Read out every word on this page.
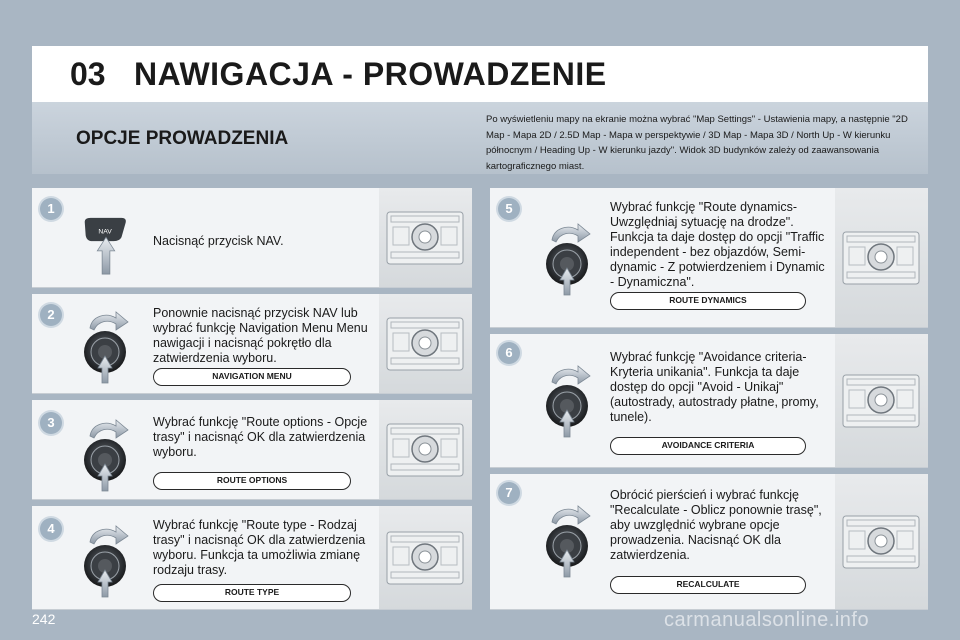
03 NAWIGACJA - PROWADZENIE
OPCJE PROWADZENIA
Po wyświetleniu mapy na ekranie można wybrać "Map Settings" - Ustawienia mapy, a następnie "2D Map - Mapa 2D / 2.5D Map - Mapa w perspektywie / 3D Map - Mapa 3D / North Up - W kierunku północnym / Heading Up - W kierunku jazdy". Widok 3D budynków zależy od zaawansowania kartograficznego miast.
1
NAV
Nacisnąć przycisk NAV.
2	Ponownie nacisnąć przycisk NAV lub wybrać funkcję Navigation Menu Menu nawigacji i nacisnąć pokrętło dla zatwierdzenia wyboru.
NAVIGATION MENU
3	Wybrać funkcję "Route options - Opcje trasy" i nacisnąć OK dla zatwierdzenia wyboru.
ROUTE OPTIONS
4	Wybrać funkcję "Route type - Rodzaj trasy" i nacisnąć OK dla zatwierdzenia wyboru. Funkcja ta umożliwia zmianę rodzaju trasy.
ROUTE TYPE
5	Wybrać funkcję "Route dynamics- Uwzględniaj sytuację na drodze". Funkcja ta daje dostęp do opcji "Traffic independent - bez objazdów, Semi-dynamic - Z potwierdzeniem i Dynamic - Dynamiczna".
ROUTE DYNAMICS
6	Wybrać funkcję "Avoidance criteria- Kryteria unikania". Funkcja ta daje dostęp do opcji "Avoid - Unikaj" (autostrady, autostrady płatne, promy, tunele).
AVOIDANCE CRITERIA
7	Obrócić pierścień i wybrać funkcję "Recalculate - Oblicz ponownie trasę", aby uwzględnić wybrane opcje prowadzenia. Nacisnąć OK dla zatwierdzenia.
RECALCULATE
242	carmanualsonline.info
